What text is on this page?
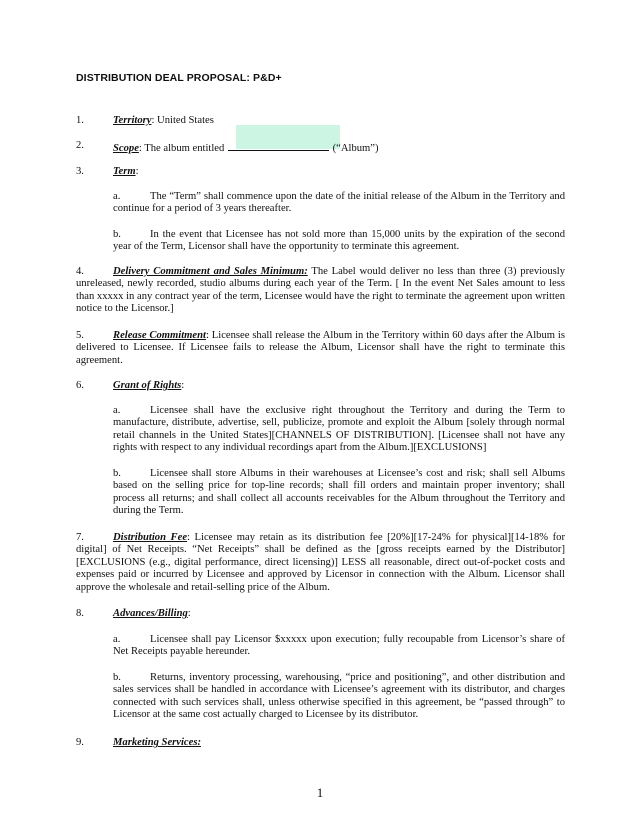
DISTRIBUTION DEAL PROPOSAL: P&D+
1.	Territory: United States
2.	Scope: The album entitled	(“Album”)
3.	Term:
a.	The “Term” shall commence upon the date of the initial release of the Album in the Territory and continue for a period of 3 years thereafter.
b.	In the event that Licensee has not sold more than 15,000 units by the expiration of the second year of the Term, Licensor shall have the opportunity to terminate this agreement.
4.	Delivery Commitment and Sales Minimum: The Label would deliver no less than three (3) previously unreleased, newly recorded, studio albums during each year of the Term. [ In the event Net Sales amount to less than xxxxx in any contract year of the term, Licensee would have the right to terminate the agreement upon written notice to the Licensor.]
5.	Release Commitment: Licensee shall release the Album in the Territory within 60 days after the Album is delivered to Licensee. If Licensee fails to release the Album, Licensor shall have the right to terminate this agreement.
6.	Grant of Rights:
a.	Licensee shall have the exclusive right throughout the Territory and during the Term to manufacture, distribute, advertise, sell, publicize, promote and exploit the Album [solely through normal retail channels in the United States][CHANNELS OF DISTRIBUTION]. [Licensee shall not have any rights with respect to any individual recordings apart from the Album.][EXCLUSIONS]
b.	Licensee shall store Albums in their warehouses at Licensee’s cost and risk; shall sell Albums based on the selling price for top-line records; shall fill orders and maintain proper inventory; shall process all returns; and shall collect all accounts receivables for the Album throughout the Territory and during the Term.
7.	Distribution Fee: Licensee may retain as its distribution fee [20%][17-24% for physical][14-18% for digital] of Net Receipts. “Net Receipts” shall be defined as the [gross receipts earned by the Distributor][EXCLUSIONS (e.g., digital performance, direct licensing)] LESS all reasonable, direct out-of-pocket costs and expenses paid or incurred by Licensee and approved by Licensor in connection with the Album. Licensor shall approve the wholesale and retail-selling price of the Album.
8.	Advances/Billing:
a.	Licensee shall pay Licensor $xxxxx upon execution; fully recoupable from Licensor’s share of Net Receipts payable hereunder.
b.	Returns, inventory processing, warehousing, “price and positioning”, and other distribution and sales services shall be handled in accordance with Licensee’s agreement with its distributor, and charges connected with such services shall, unless otherwise specified in this agreement, be “passed through” to Licensor at the same cost actually charged to Licensee by its distributor.
9.	Marketing Services:
1
